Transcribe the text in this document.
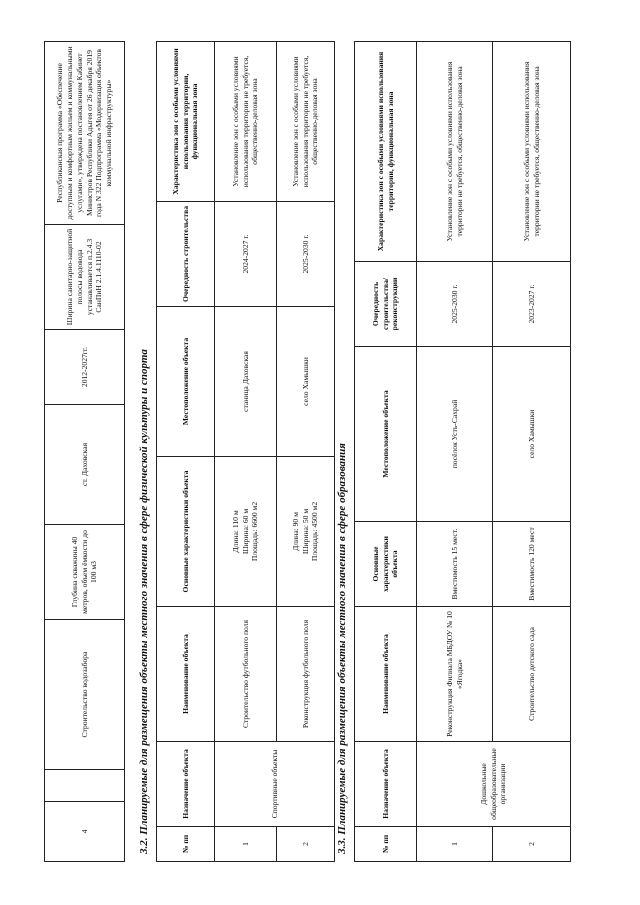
4		Строительство водозабора	Глубина скважины 40 метров, объем ёмкости до 100 м3	ст. Даховская	2012-2027гг.	Ширина санитарно-защитной полосы водовода устанавливается п.2.4.3 СанПиН 2.1.4.1110-02	Республиканская программа «Обеспечение доступным и комфортным жильем и коммунальными услугами», утверждена постановлением Кабинет Министров Республики Адыгея от 26 декабря 2019 года N 322 Подпрограмма «Модернизация объектов коммунальной инфраструктуры»
3.2. Планируемые для размещения объекты местного значения в сфере физической культуры и спорта	№ пп	Назначение объекта	Наименование объекта	Основные характеристики объекта	Местоположение объекта	Очередность строительства	Характеристика зон с особыми условиями использования территории, функциональная зона
1	Спортивные объекты	Строительство футбольного поля	Длина: 110 м
Ширина: 60 м
Площадь: 6600 м2	станица Даховская	2024-2027 г.	Установление зон с особыми условиями использования территории не требуется, общественно-деловая зона
2		Реконструкция футбольного поля	Длина: 90 м
Ширина: 50 м
Площадь: 4500 м2	село Хамышки	2025-2030 г.	Установление зон с особыми условиями использования территории не требуется, общественно-деловая зона
3.3. Планируемые для размещения объекты местного значения в сфере образования	№ пп	Назначение объекта	Наименование объекта	Основные характеристики объекта	Местоположение объекта	Очередность строительства/ реконструкции	Характеристика зон с особыми условиями использования территории, функциональная зона
1	Дошкольные общеобразовательные организации	Реконструкция Филиала МБДОУ № 10 «Ягодка»	Вместимость 15 мест.	посёлок Усть-Сахрай	2025-2030 г.	Установление зон с особыми условиями использования территории не требуется, общественно-деловая зона
2		Строительство детского сада	Вместимость 120 мест	село Хамышки	2023-2027 г.	Установление зон с особыми условиями использования территории не требуется, общественно-деловая зона
